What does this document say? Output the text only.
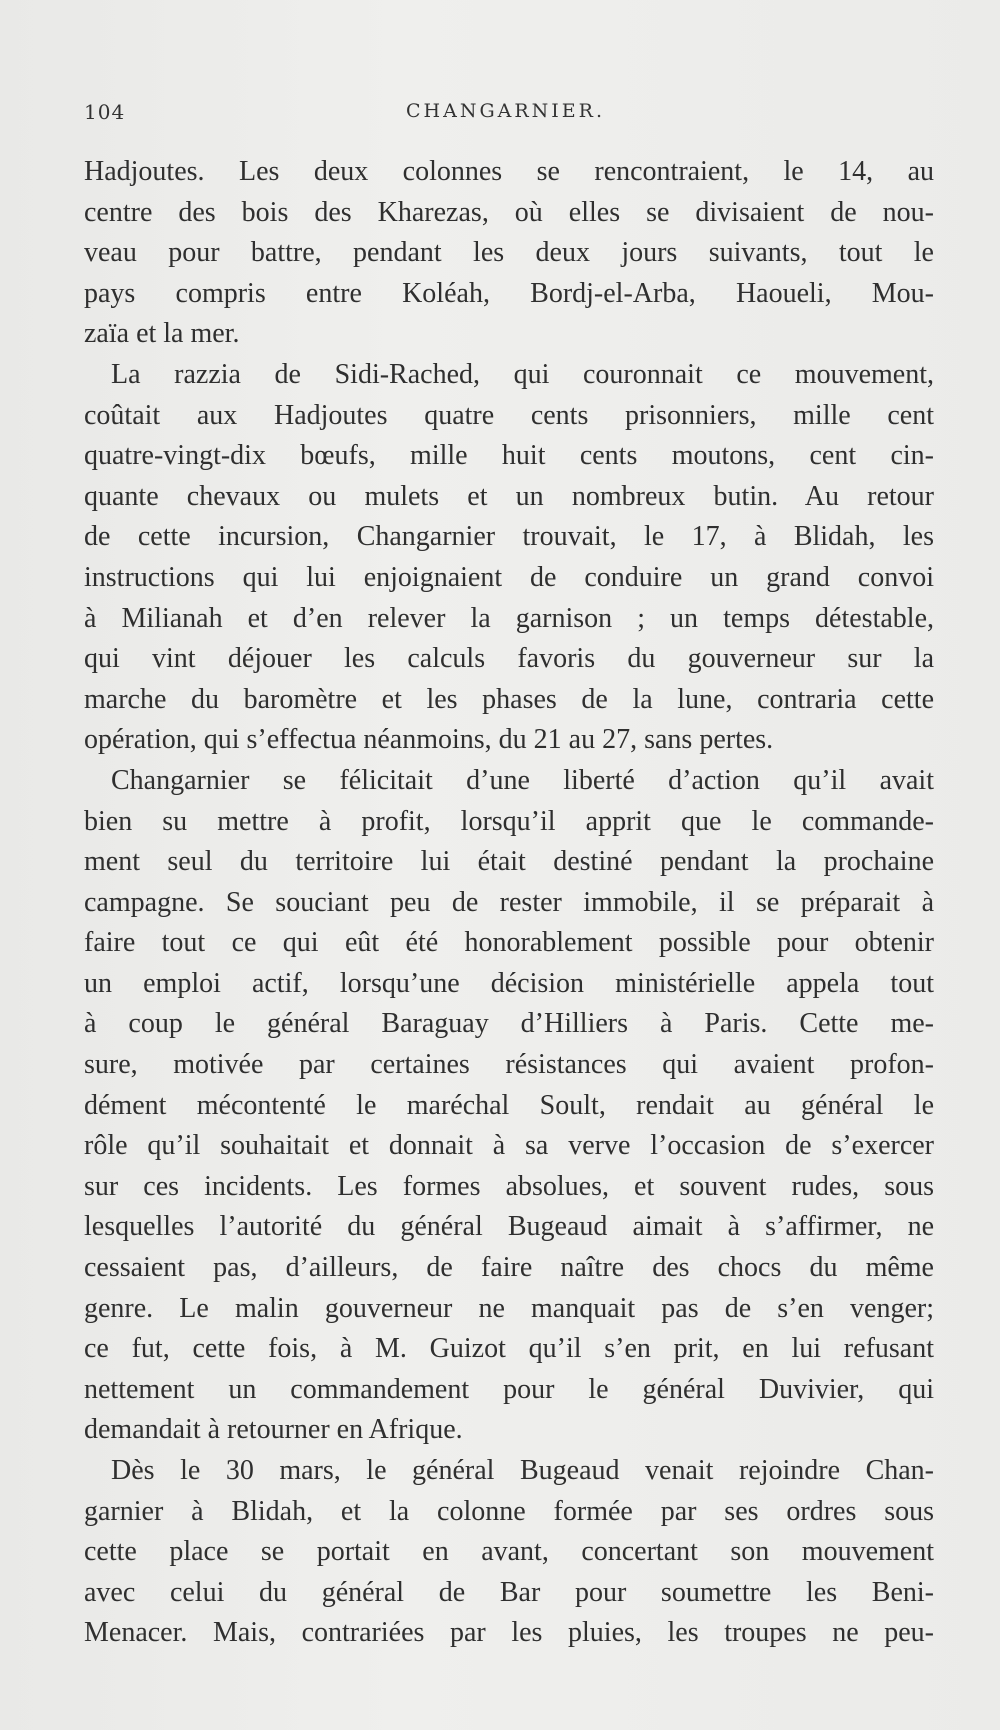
104	CHANGARNIER.
Hadjoutes. Les deux colonnes se rencontraient, le 14, au
centre des bois des Kharezas, où elles se divisaient de nou-
veau pour battre, pendant les deux jours suivants, tout le
pays compris entre Koléah, Bordj-el-Arba, Haoueli, Mou-
zaïa et la mer.
La razzia de Sidi-Rached, qui couronnait ce mouvement,
coûtait aux Hadjoutes quatre cents prisonniers, mille cent
quatre-vingt-dix bœufs, mille huit cents moutons, cent cin-
quante chevaux ou mulets et un nombreux butin. Au retour
de cette incursion, Changarnier trouvait, le 17, à Blidah, les
instructions qui lui enjoignaient de conduire un grand convoi
à Milianah et d’en relever la garnison ; un temps détestable,
qui vint déjouer les calculs favoris du gouverneur sur la
marche du baromètre et les phases de la lune, contraria cette
opération, qui s’effectua néanmoins, du 21 au 27, sans pertes.
Changarnier se félicitait d’une liberté d’action qu’il avait
bien su mettre à profit, lorsqu’il apprit que le commande-
ment seul du territoire lui était destiné pendant la prochaine
campagne. Se souciant peu de rester immobile, il se préparait à
faire tout ce qui eût été honorablement possible pour obtenir
un emploi actif, lorsqu’une décision ministérielle appela tout
à coup le général Baraguay d’Hilliers à Paris. Cette me-
sure, motivée par certaines résistances qui avaient profon-
dément mécontenté le maréchal Soult, rendait au général le
rôle qu’il souhaitait et donnait à sa verve l’occasion de s’exercer
sur ces incidents. Les formes absolues, et souvent rudes, sous
lesquelles l’autorité du général Bugeaud aimait à s’affirmer, ne
cessaient pas, d’ailleurs, de faire naître des chocs du même
genre. Le malin gouverneur ne manquait pas de s’en venger;
ce fut, cette fois, à M. Guizot qu’il s’en prit, en lui refusant
nettement un commandement pour le général Duvivier, qui
demandait à retourner en Afrique.
Dès le 30 mars, le général Bugeaud venait rejoindre Chan-
garnier à Blidah, et la colonne formée par ses ordres sous
cette place se portait en avant, concertant son mouvement
avec celui du général de Bar pour soumettre les Beni-
Menacer. Mais, contrariées par les pluies, les troupes ne peu-
